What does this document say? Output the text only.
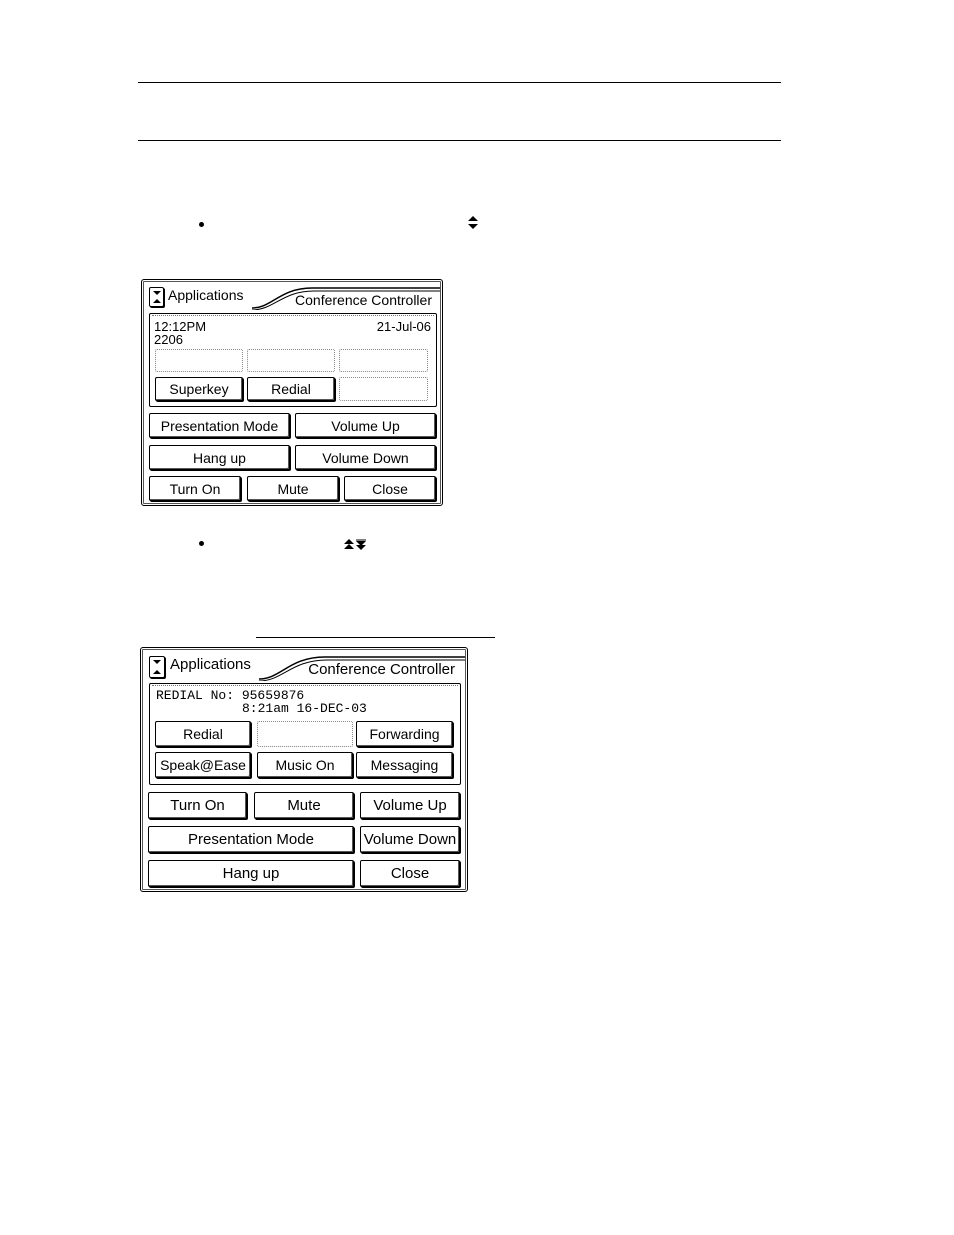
Applications	Conference Controller
12:12PM	21-Jul-06
2206
Superkey	Redial
Presentation Mode	Volume Up
Hang up	Volume Down
Turn On	Mute	Close
Applications	Conference Controller
REDIAL No: 95659876
8:21am 16-DEC-03
Redial	Forwarding
Speak@Ease	Music On	Messaging
Turn On	Mute	Volume Up
Presentation Mode	Volume Down
Hang up	Close
